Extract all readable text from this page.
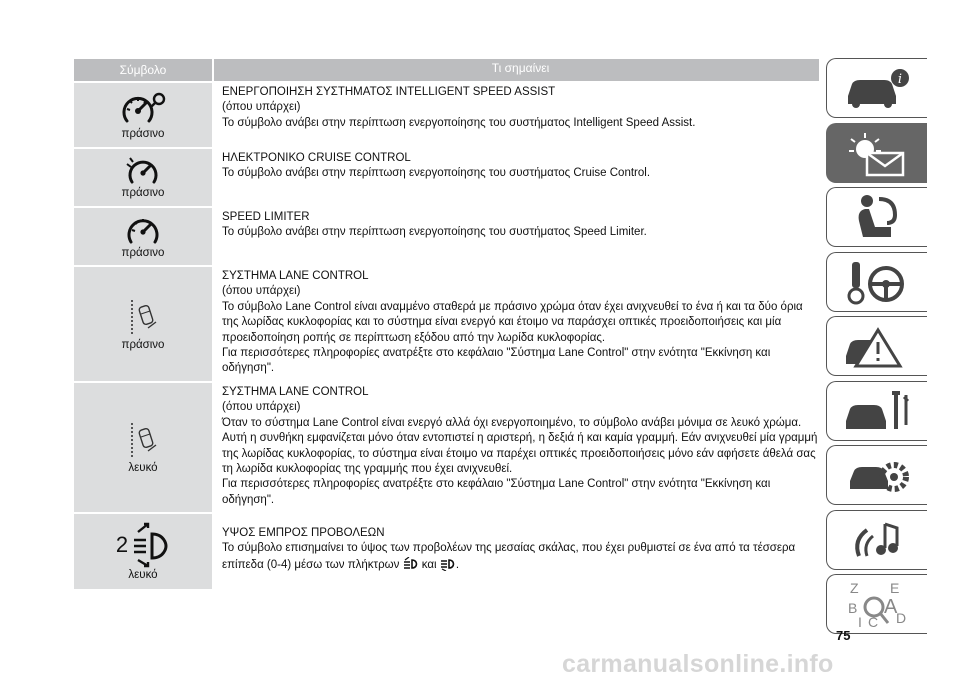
Σύμβολο	Τι σημαίνει
πράσινο

ΕΝΕΡΓΟΠΟΙΗΣΗ ΣΥΣΤΗΜΑΤΟΣ INTELLIGENT SPEED ASSIST

(όπου υπάρχει)

Το σύμβολο ανάβει στην περίπτωση ενεργοποίησης του συστήματος Intelligent Speed Assist.

πράσινο

ΗΛΕΚΤΡΟΝΙΚΟ CRUISE CONTROL

Το σύμβολο ανάβει στην περίπτωση ενεργοποίησης του συστήματος Cruise Control.

πράσινο

SPEED LIMITER

Το σύμβολο ανάβει στην περίπτωση ενεργοποίησης του συστήματος Speed Limiter.

πράσινο

ΣΥΣΤΗΜΑ LANE CONTROL

(όπου υπάρχει)

Το σύμβολο Lane Control είναι αναμμένο σταθερά με πράσινο χρώμα όταν έχει ανιχνευθεί το ένα ή και τα δύο όρια της λωρίδας κυκλοφορίας και το σύστημα είναι ενεργό και έτοιμο να παράσχει οπτικές προειδοποιήσεις και μία προειδοποίηση ροπής σε περίπτωση εξόδου από την λωρίδα κυκλοφορίας.

Για περισσότερες πληροφορίες ανατρέξτε στο κεφάλαιο "Σύστημα Lane Control" στην ενότητα "Εκκίνηση και οδήγηση".

λευκό

ΣΥΣΤΗΜΑ LANE CONTROL

(όπου υπάρχει)

Όταν το σύστημα Lane Control είναι ενεργό αλλά όχι ενεργοποιημένο, το σύμβολο ανάβει μόνιμα σε λευκό χρώμα. Αυτή η συνθήκη εμφανίζεται μόνο όταν εντοπιστεί η αριστερή, η δεξιά ή και καμία γραμμή. Εάν ανιχνευθεί μία γραμμή της λωρίδας κυκλοφορίας, το σύστημα είναι έτοιμο να παρέχει οπτικές προειδοποιήσεις μόνο εάν αφήσετε άθελά σας τη λωρίδα κυκλοφορίας της γραμμής που έχει ανιχνευθεί.

Για περισσότερες πληροφορίες ανατρέξτε στο κεφάλαιο "Σύστημα Lane Control" στην ενότητα "Εκκίνηση και οδήγηση".

2
λευκό

ΥΨΟΣ ΕΜΠΡΟΣ ΠΡΟΒΟΛΕΩΝ

Το σύμβολο επισημαίνει το ύψος των προβολέων της μεσαίας σκάλας, που έχει ρυθμιστεί σε ένα από τα τέσσερα επίπεδα (0-4) μέσω των πλήκτρων και .

i
Z E
B A
I C D
75
carmanualsonline.info
